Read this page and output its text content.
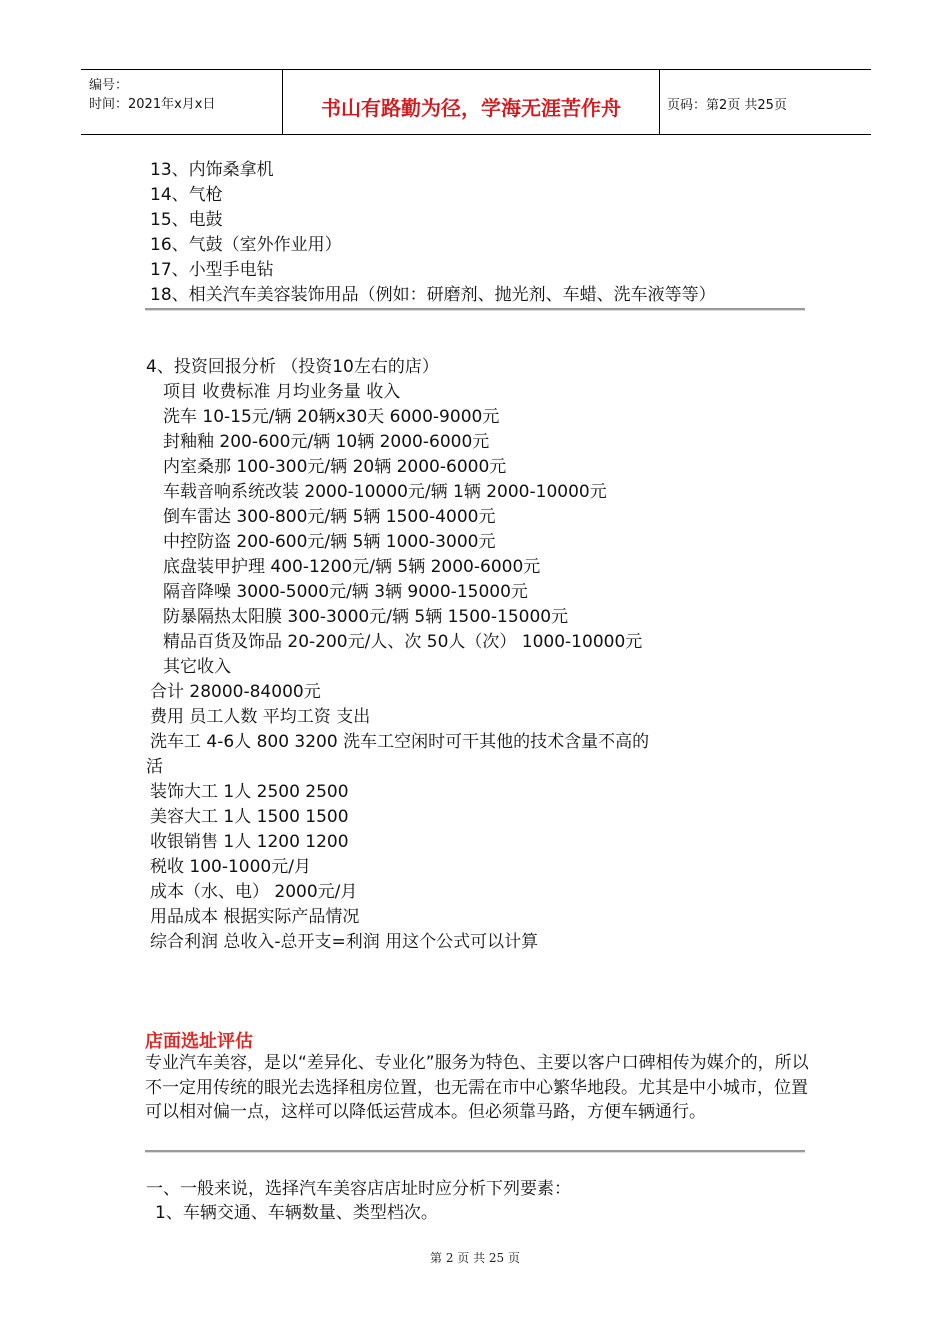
编号：
时间：2021年x月x日	书山有路勤为径，学海无涯苦作舟	页码：第2页 共25页
13、内饰桑拿机
14、气枪
15、电鼓
16、气鼓（室外作业用）
17、小型手电钻
18、相关汽车美容装饰用品（例如：研磨剂、抛光剂、车蜡、洗车液等等）
4、投资回报分析 （投资10左右的店）
项目 收费标准 月均业务量 收入
洗车 10-15元/辆 20辆x30天 6000-9000元
封釉釉 200-600元/辆 10辆 2000-6000元
内室桑那 100-300元/辆 20辆 2000-6000元
车载音响系统改装 2000-10000元/辆 1辆 2000-10000元
倒车雷达 300-800元/辆 5辆 1500-4000元
中控防盗 200-600元/辆 5辆 1000-3000元
底盘装甲护理 400-1200元/辆 5辆 2000-6000元
隔音降噪 3000-5000元/辆 3辆 9000-15000元
防暴隔热太阳膜 300-3000元/辆 5辆 1500-15000元
精品百货及饰品 20-200元/人、次 50人（次） 1000-10000元
其它收入
合计 28000-84000元
费用 员工人数 平均工资 支出
洗车工 4-6人 800 3200 洗车工空闲时可干其他的技术含量不高的
活
装饰大工 1人 2500 2500
美容大工 1人 1500 1500
收银销售 1人 1200 1200
税收 100-1000元/月
成本（水、电） 2000元/月
用品成本 根据实际产品情况
综合利润 总收入-总开支=利润 用这个公式可以计算
店面选址评估
专业汽车美容，是以“差异化、专业化”服务为特色、主要以客户口碑相传为媒介的，所以不一定用传统的眼光去选择租房位置，也无需在市中心繁华地段。尤其是中小城市，位置可以相对偏一点，这样可以降低运营成本。但必须靠马路，方便车辆通行。
一、一般来说，选择汽车美容店店址时应分析下列要素：
1、车辆交通、车辆数量、类型档次。
第 2 页 共 25 页
